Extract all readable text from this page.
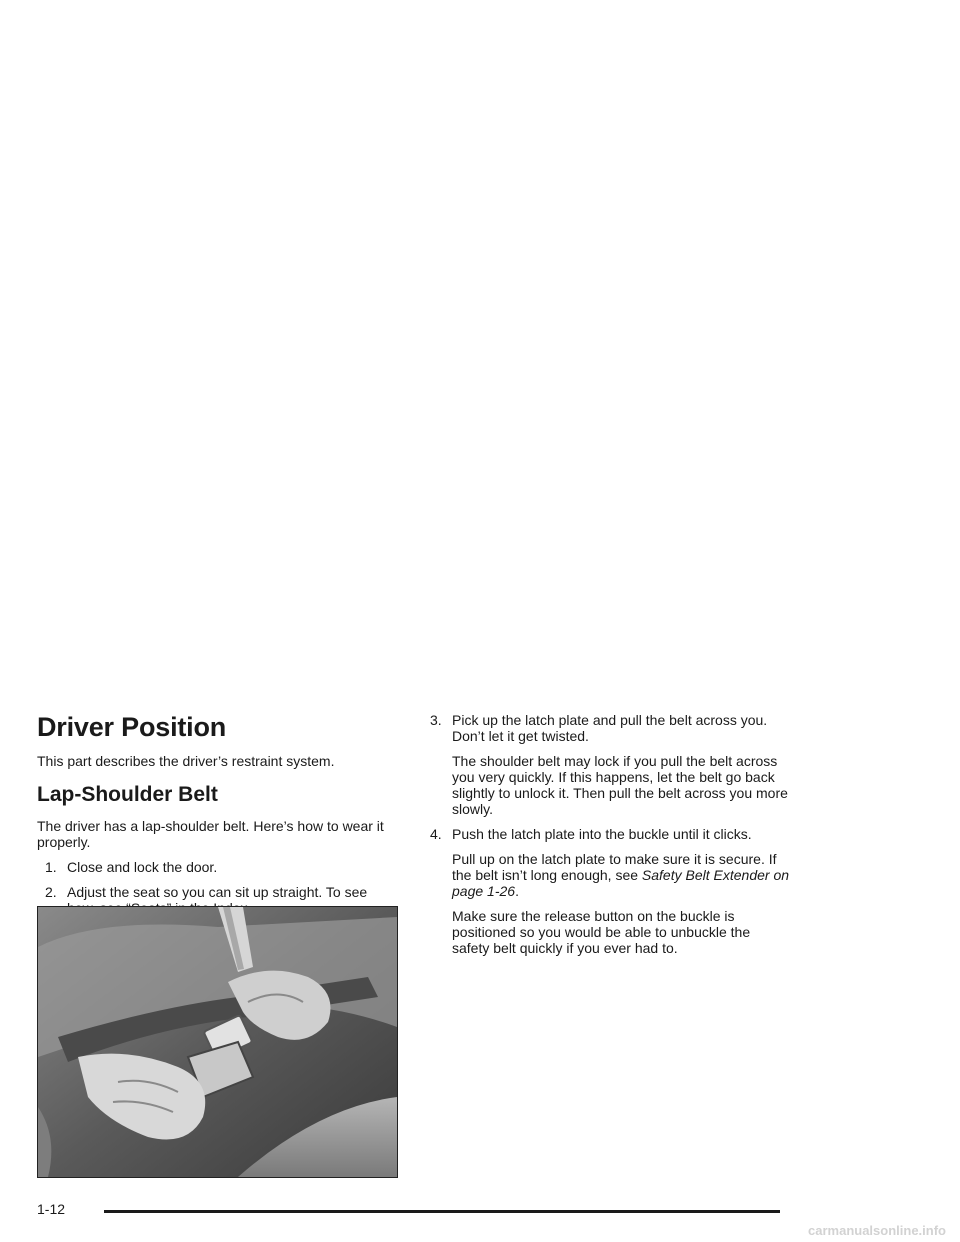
Driver Position

This part describes the driver’s restraint system.

Lap-Shoulder Belt

The driver has a lap-shoulder belt. Here’s how to wear it properly.

1. Close and lock the door.
2. Adjust the seat so you can sit up straight. To see
3. Pick up the latch plate and pull the belt across you. Don’t let it get twisted.

The shoulder belt may lock if you pull the belt across you very quickly. If this happens, let the belt go back slightly to unlock it. Then pull the belt across you more slowly.

4. Push the latch plate into the buckle until it clicks.

Pull up on the latch plate to make sure it is secure. If the belt isn’t long enough, see Safety Belt Extender on page 1-26.

Make sure the release button on the buckle is positioned so you would be able to unbuckle the safety belt quickly if you ever had to.

1-12
carmanualsonline.info
